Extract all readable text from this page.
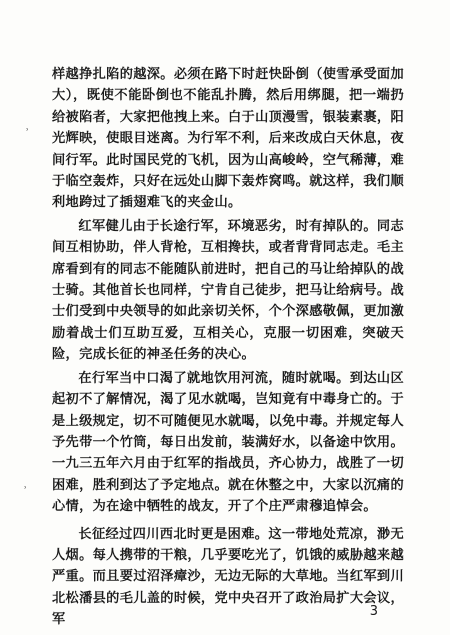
样越挣扎陷的越深。必须在路下时赶快卧倒（使雪承受面加大），既使不能卧倒也不能乱扑腾，然后用绑腿，把一端扔给被陷者，大家把他拽上来。白于山顶漫雪，银装素裹，阳光辉映，使眼目迷离。为行军不利，后来改成白天休息，夜间行军。此时国民党的飞机，因为山高峻岭，空气稀薄，难于临空轰炸，只好在远处山脚下轰炸窝鸣。就这样，我们顺利地跨过了插翅难飞的夹金山。

红军健儿由于长途行军，环境恶劣，时有掉队的。同志间互相协助，伴人背枪，互相搀扶，或者背背同志走。毛主席看到有的同志不能随队前进时，把自己的马让给掉队的战士骑。其他首长也同样，宁肯自己徒步，把马让给病号。战士们受到中央领导的如此亲切关怀，个个深感敬佩，更加激励着战士们互助互爱，互相关心，克服一切困难，突破天险，完成长征的神圣任务的决心。

在行军当中口渴了就地饮用河流，随时就喝。到达山区起初不了解情况，渴了见水就喝，岂知竟有中毒身亡的。于是上级规定，切不可随便见水就喝，以免中毒。并规定每人予先带一个竹筒，每日出发前，装满好水，以备途中饮用。一九三五年六月由于红军的指战员，齐心协力，战胜了一切困难，胜利到达了予定地点。就在休整之中，大家以沉痛的心情，为在途中牺牲的战友，开了个庄严肃穆追悼会。

长征经过四川西北时更是困难。这一带地处荒凉，渺无人烟。每人携带的干粮，几乎要吃光了，饥饿的威胁越来越严重。而且要过沼泽瘴沙，无边无际的大草地。当红军到川北松潘县的毛儿盖的时候，党中央召开了政治局扩大会议，军

˒
˒
3
